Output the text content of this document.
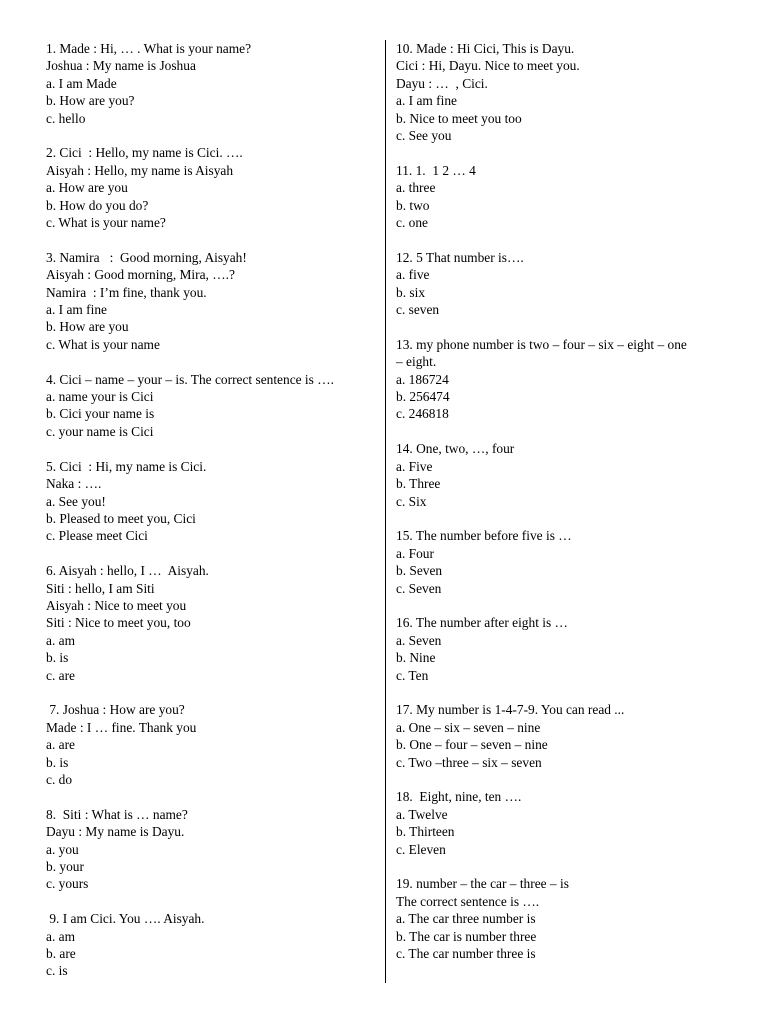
1. Made : Hi, … . What is your name?
Joshua : My name is Joshua
a. I am Made
b. How are you?
c. hello
2. Cici  : Hello, my name is Cici. ….
Aisyah : Hello, my name is Aisyah
a. How are you
b. How do you do?
c. What is your name?
3. Namira   :  Good morning, Aisyah!
Aisyah : Good morning, Mira, ….?
Namira  : I’m fine, thank you.
a. I am fine
b. How are you
c. What is your name
4. Cici – name – your – is. The correct sentence is ….
a. name your is Cici
b. Cici your name is
c. your name is Cici
5. Cici  : Hi, my name is Cici.
Naka : ….
a. See you!
b. Pleased to meet you, Cici
c. Please meet Cici
6. Aisyah : hello, I …  Aisyah.
Siti : hello, I am Siti
Aisyah : Nice to meet you
Siti : Nice to meet you, too
a. am
b. is
c. are
7. Joshua : How are you?
Made : I … fine. Thank you
a. are
b. is
c. do
8.  Siti : What is … name?
Dayu : My name is Dayu.
a. you
b. your
c. yours
9. I am Cici. You …. Aisyah.
a. am
b. are
c. is
10. Made : Hi Cici, This is Dayu.
Cici : Hi, Dayu. Nice to meet you.
Dayu : …  , Cici.
a. I am fine
b. Nice to meet you too
c. See you
11. 1.  1 2 … 4
a. three
b. two
c. one
12. 5 That number is….
a. five
b. six
c. seven
13. my phone number is two – four – six – eight – one
– eight.
a. 186724
b. 256474
c. 246818
14. One, two, …, four
a. Five
b. Three
c. Six
15. The number before five is …
a. Four
b. Seven
c. Seven
16. The number after eight is …
a. Seven
b. Nine
c. Ten
17. My number is 1-4-7-9. You can read ...
a. One – six – seven – nine
b. One – four – seven – nine
c. Two –three – six – seven
18.  Eight, nine, ten ….
a. Twelve
b. Thirteen
c. Eleven
19. number – the car – three – is
The correct sentence is ….
a. The car three number is
b. The car is number three
c. The car number three is
